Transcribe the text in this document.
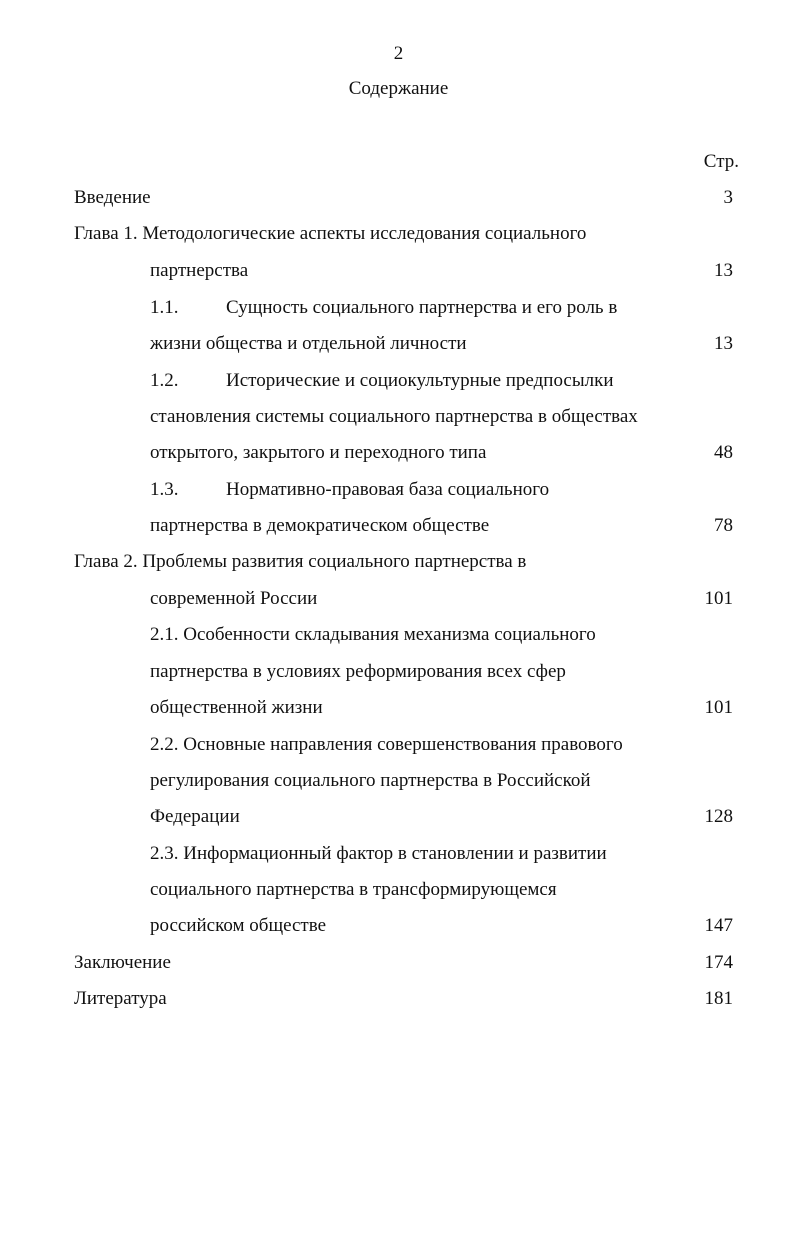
2
Содержание
Стр.
Введение	3
Глава 1. Методологические аспекты исследования социального
партнерства	13
1.1.	Сущность социального партнерства и его роль в
жизни общества и отдельной личности	13
1.2.	Исторические и социокультурные предпосылки
становления системы социального партнерства в обществах
открытого, закрытого и переходного типа	48
1.3.	Нормативно-правовая база социального
партнерства в демократическом обществе	78
Глава 2. Проблемы развития социального партнерства в
современной России	101
2.1. Особенности складывания механизма социального
партнерства в условиях реформирования всех сфер
общественной жизни	101
2.2. Основные направления совершенствования правового
регулирования социального партнерства в Российской
Федерации	128
2.3. Информационный фактор в становлении и развитии
социального партнерства в трансформирующемся
российском обществе	147
Заключение	174
Литература	181
